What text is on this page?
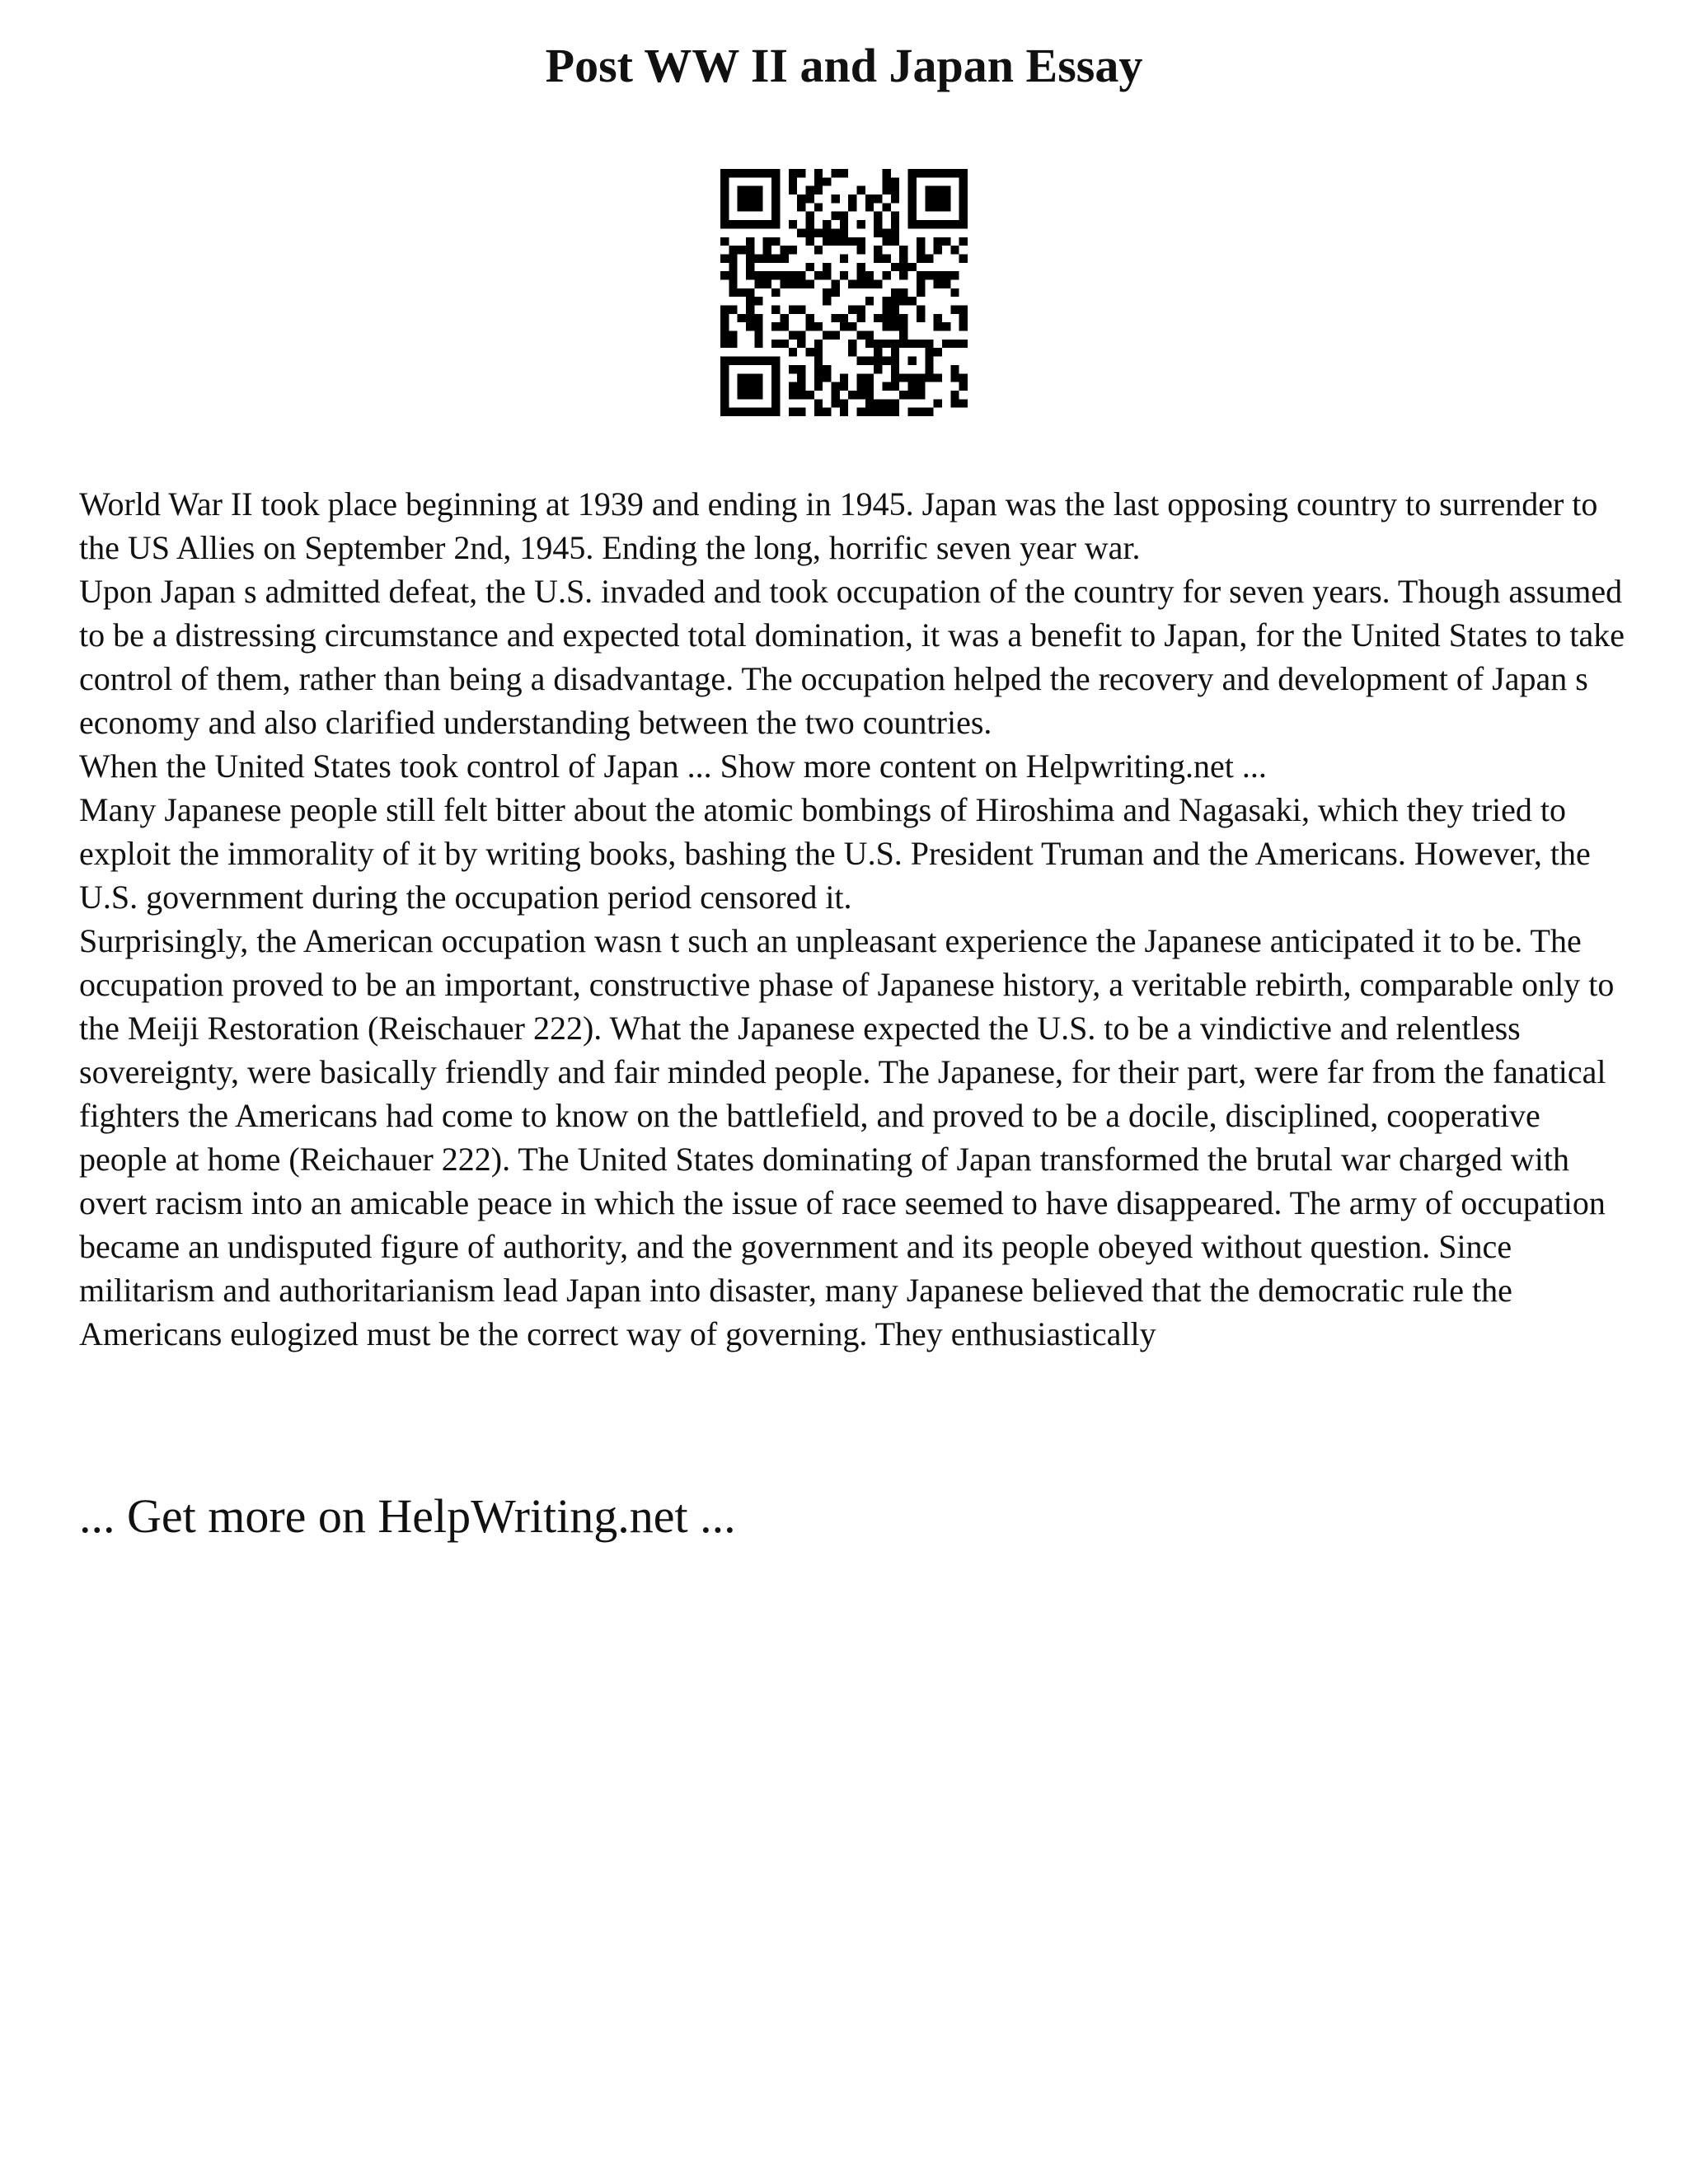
Post WW II and Japan Essay

World War II took place beginning at 1939 and ending in 1945. Japan was the last opposing country to surrender to the US Allies on September 2nd, 1945. Ending the long, horrific seven year war.

Upon Japan s admitted defeat, the U.S. invaded and took occupation of the country for seven years. Though assumed to be a distressing circumstance and expected total domination, it was a benefit to Japan, for the United States to take control of them, rather than being a disadvantage. The occupation helped the recovery and development of Japan s economy and also clarified understanding between the two countries.

When the United States took control of Japan ... Show more content on Helpwriting.net ...

Many Japanese people still felt bitter about the atomic bombings of Hiroshima and Nagasaki, which they tried to exploit the immorality of it by writing books, bashing the U.S. President Truman and the Americans. However, the U.S. government during the occupation period censored it.

Surprisingly, the American occupation wasn t such an unpleasant experience the Japanese anticipated it to be. The occupation proved to be an important, constructive phase of Japanese history, a veritable rebirth, comparable only to the Meiji Restoration (Reischauer 222). What the Japanese expected the U.S. to be a vindictive and relentless sovereignty, were basically friendly and fair minded people. The Japanese, for their part, were far from the fanatical fighters the Americans had come to know on the battlefield, and proved to be a docile, disciplined, cooperative people at home (Reichauer 222). The United States dominating of Japan transformed the brutal war charged with overt racism into an amicable peace in which the issue of race seemed to have disappeared. The army of occupation became an undisputed figure of authority, and the government and its people obeyed without question. Since militarism and authoritarianism lead Japan into disaster, many Japanese believed that the democratic rule the Americans eulogized must be the correct way of governing. They enthusiastically

... Get more on HelpWriting.net ...
